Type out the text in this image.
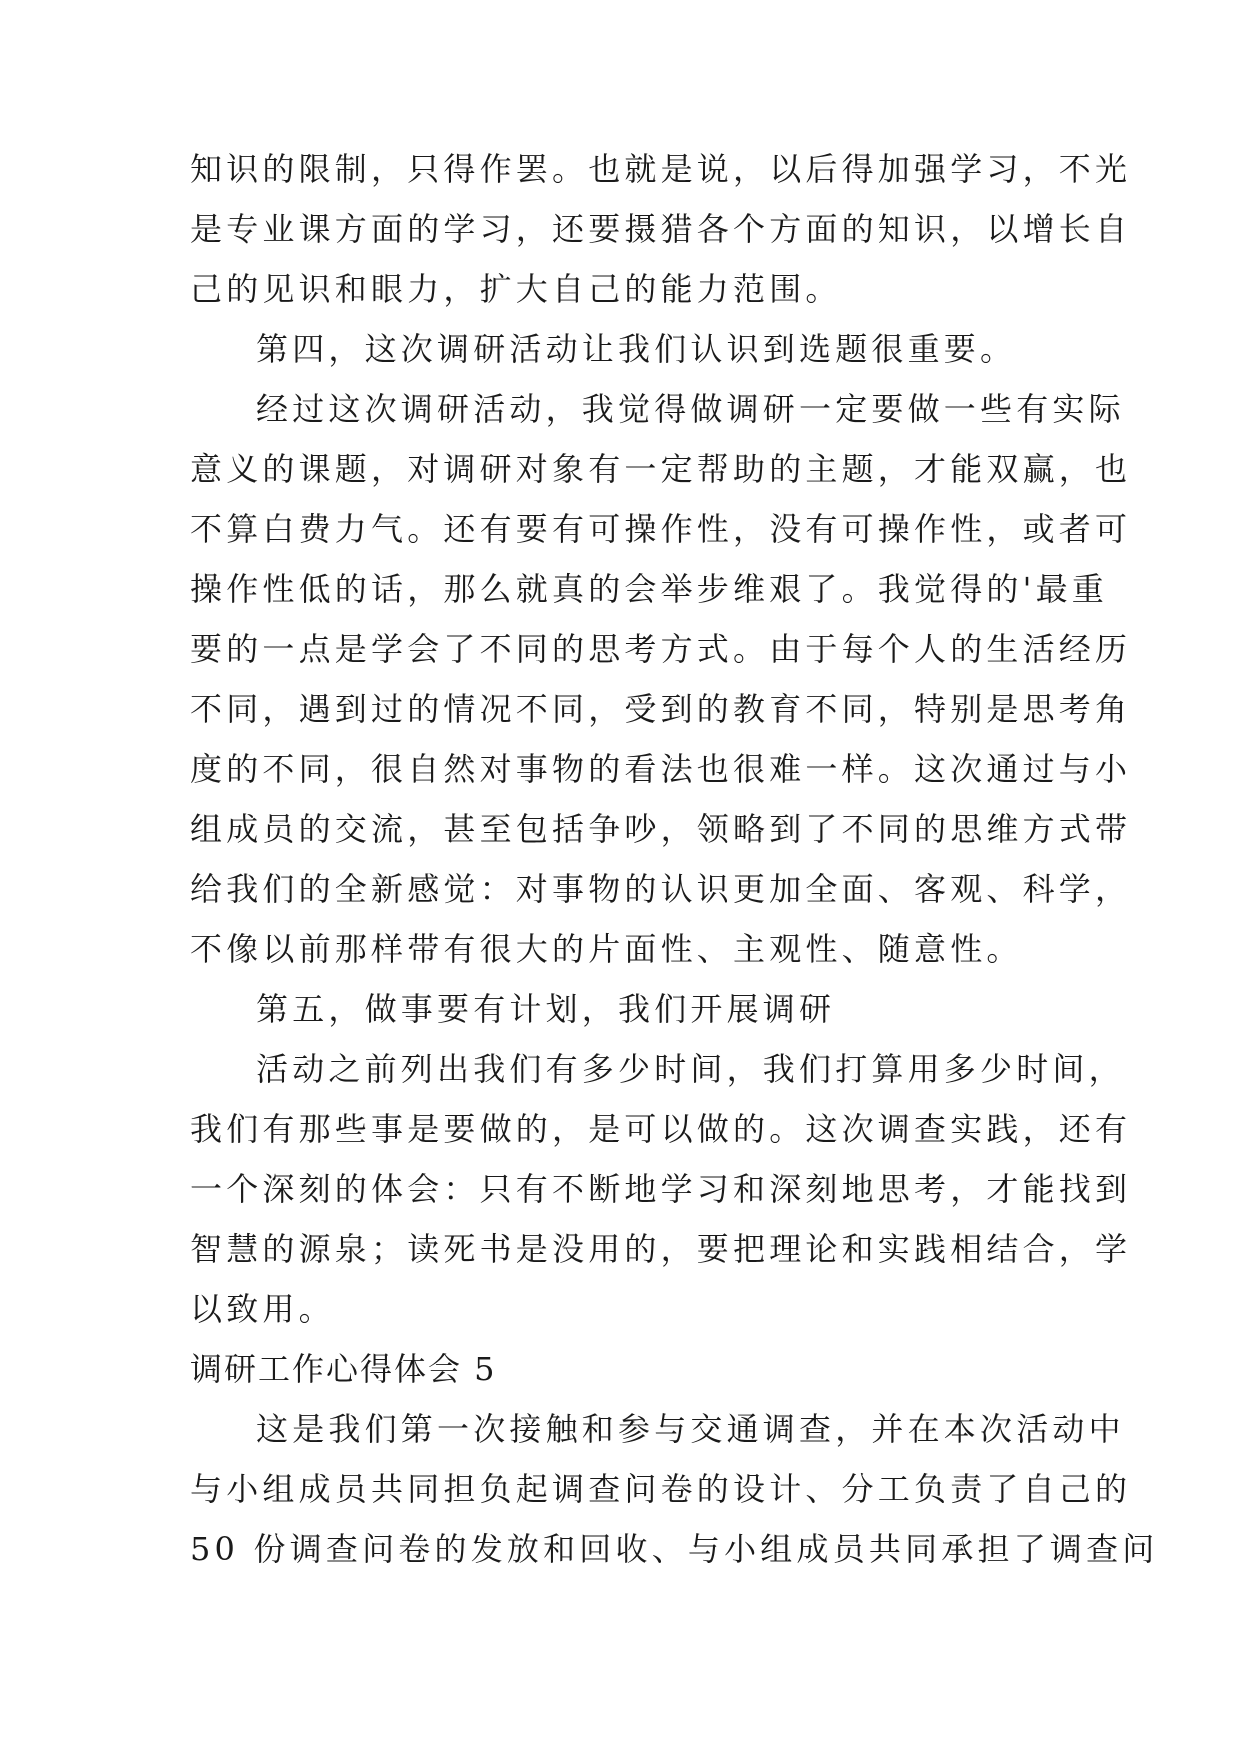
知识的限制，只得作罢。也就是说，以后得加强学习，不光
是专业课方面的学习，还要摄猎各个方面的知识，以增长自
己的见识和眼力，扩大自己的能力范围。
第四，这次调研活动让我们认识到选题很重要。
经过这次调研活动，我觉得做调研一定要做一些有实际
意义的课题，对调研对象有一定帮助的主题，才能双赢，也
不算白费力气。还有要有可操作性，没有可操作性，或者可
操作性低的话，那么就真的会举步维艰了。我觉得的'最重
要的一点是学会了不同的思考方式。由于每个人的生活经历
不同，遇到过的情况不同，受到的教育不同，特别是思考角
度的不同，很自然对事物的看法也很难一样。这次通过与小
组成员的交流，甚至包括争吵，领略到了不同的思维方式带
给我们的全新感觉：对事物的认识更加全面、客观、科学，
不像以前那样带有很大的片面性、主观性、随意性。
第五，做事要有计划，我们开展调研
活动之前列出我们有多少时间，我们打算用多少时间，
我们有那些事是要做的，是可以做的。这次调查实践，还有
一个深刻的体会：只有不断地学习和深刻地思考，才能找到
智慧的源泉；读死书是没用的，要把理论和实践相结合，学
以致用。
调研工作心得体会 5
这是我们第一次接触和参与交通调查，并在本次活动中
与小组成员共同担负起调查问卷的设计、分工负责了自己的
50 份调查问卷的发放和回收、与小组成员共同承担了调查问
